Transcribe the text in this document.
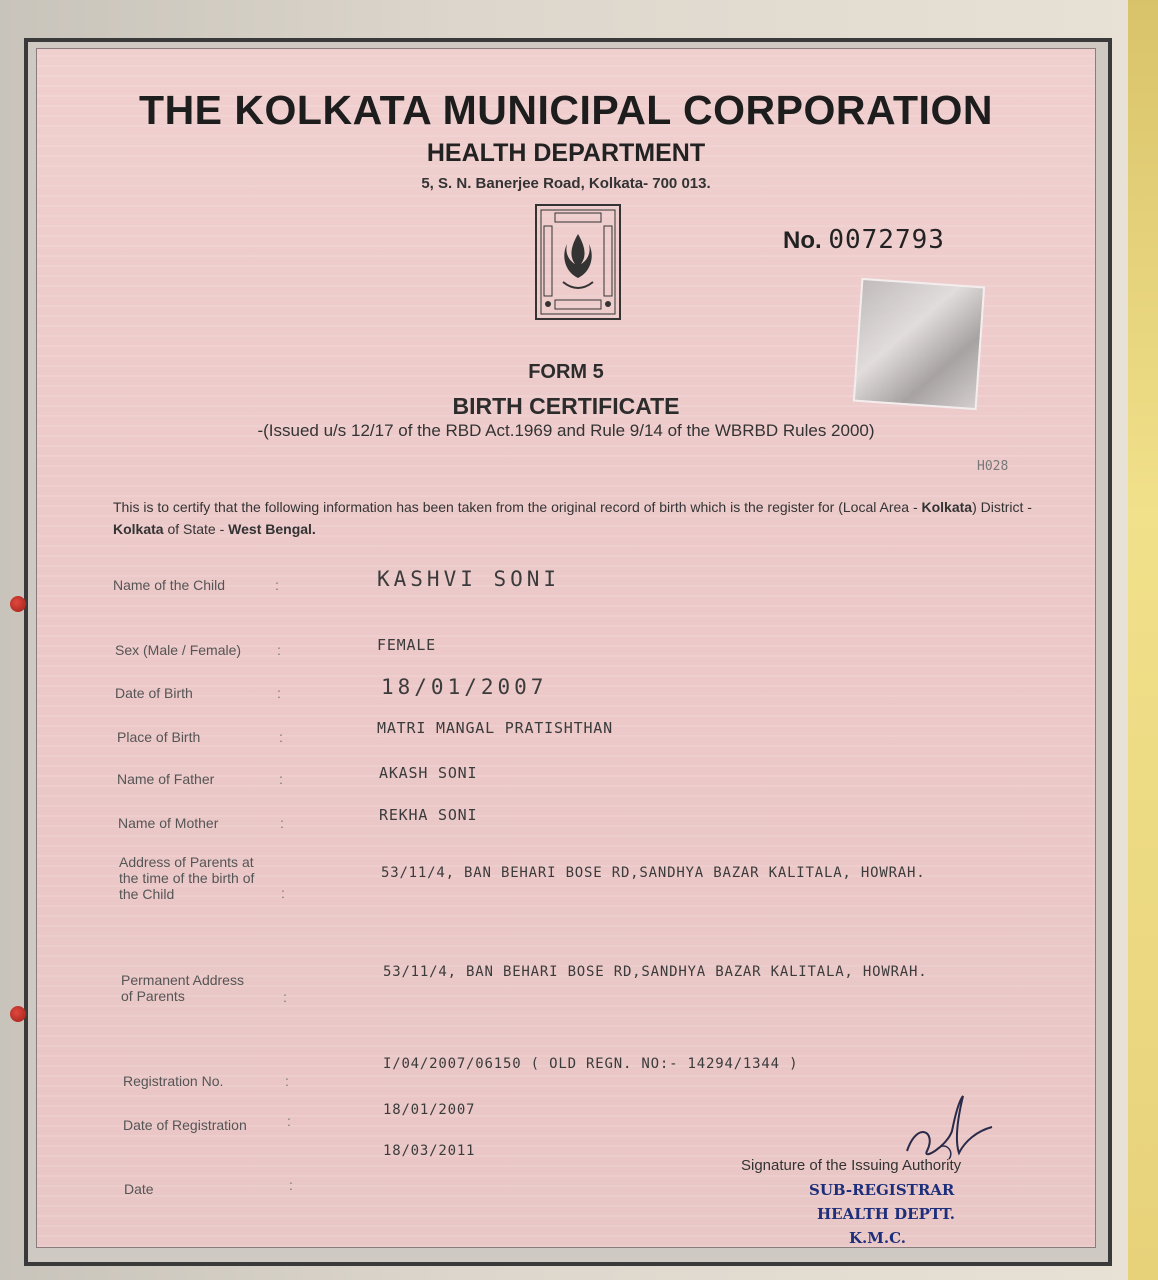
THE KOLKATA MUNICIPAL CORPORATION
HEALTH DEPARTMENT
5, S. N. Banerjee Road, Kolkata- 700 013.
No. 0072793
FORM 5
BIRTH CERTIFICATE
-(Issued u/s 12/17 of the RBD Act.1969 and Rule 9/14 of the WBRBD Rules 2000)
H028
This is to certify that the following information has been taken from the original record of birth which is the register for (Local Area - Kolkata) District - Kolkata of State - West Bengal.
Name of the Child	:	KASHVI SONI
Sex (Male / Female)	:	FEMALE
Date of Birth	:	18/01/2007
Place of Birth	:	MATRI MANGAL PRATISHTHAN
Name of Father	:	AKASH SONI
Name of Mother	:	REKHA SONI
Address of Parents at
the time of the birth of
the Child	:
53/11/4, BAN BEHARI BOSE RD,SANDHYA BAZAR KALITALA, HOWRAH.
Permanent Address
of Parents	:
53/11/4, BAN BEHARI BOSE RD,SANDHYA BAZAR KALITALA, HOWRAH.
Registration No.	:
I/04/2007/06150 ( OLD REGN. NO:- 14294/1344 )
Date of Registration	:
18/01/2007
Date	:
18/03/2011
Signature of the Issuing Authority
SUB-REGISTRAR
HEALTH DEPTT.
K.M.C.
